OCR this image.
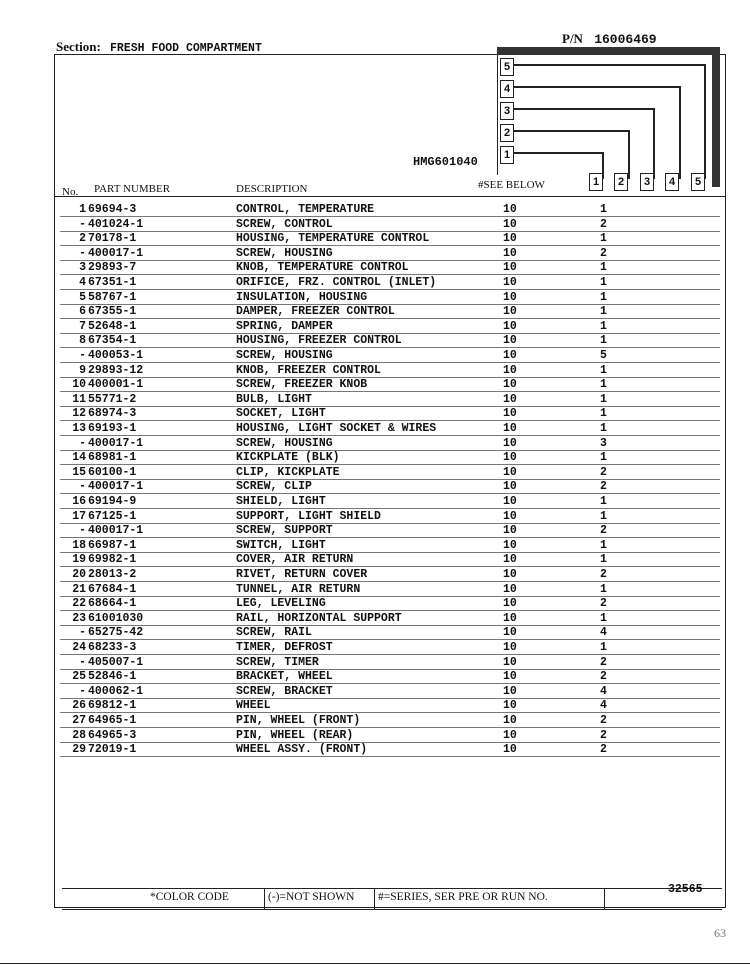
Section: FRESH FOOD COMPARTMENT
P/N 16006469
5
4
3
2
1
1	2	3	4	5
HMG601040
No. PART NUMBER	DESCRIPTION	#SEE BELOW
1 69694-3	CONTROL, TEMPERATURE	10	1
- 401024-1	SCREW, CONTROL	10	2
2 70178-1	HOUSING, TEMPERATURE CONTROL	10	1
- 400017-1	SCREW, HOUSING	10	2
3 29893-7	KNOB, TEMPERATURE CONTROL	10	1
4 67351-1	ORIFICE, FRZ. CONTROL (INLET)	10	1
5 58767-1	INSULATION, HOUSING	10	1
6 67355-1	DAMPER, FREEZER CONTROL	10	1
7 52648-1	SPRING, DAMPER	10	1
8 67354-1	HOUSING, FREEZER CONTROL	10	1
- 400053-1	SCREW, HOUSING	10	5
9 29893-12	KNOB, FREEZER CONTROL	10	1
10 400001-1	SCREW, FREEZER KNOB	10	1
11 55771-2	BULB, LIGHT	10	1
12 68974-3	SOCKET, LIGHT	10	1
13 69193-1	HOUSING, LIGHT SOCKET & WIRES	10	1
- 400017-1	SCREW, HOUSING	10	3
14 68981-1	KICKPLATE (BLK)	10	1
15 60100-1	CLIP, KICKPLATE	10	2
- 400017-1	SCREW, CLIP	10	2
16 69194-9	SHIELD, LIGHT	10	1
17 67125-1	SUPPORT, LIGHT SHIELD	10	1
- 400017-1	SCREW, SUPPORT	10	2
18 66987-1	SWITCH, LIGHT	10	1
19 69982-1	COVER, AIR RETURN	10	1
20 28013-2	RIVET, RETURN COVER	10	2
21 67684-1	TUNNEL, AIR RETURN	10	1
22 68664-1	LEG, LEVELING	10	2
23 61001030	RAIL, HORIZONTAL SUPPORT	10	1
- 65275-42	SCREW, RAIL	10	4
24 68233-3	TIMER, DEFROST	10	1
- 405007-1	SCREW, TIMER	10	2
25 52846-1	BRACKET, WHEEL	10	2
- 400062-1	SCREW, BRACKET	10	4
26 69812-1	WHEEL	10	4
27 64965-1	PIN, WHEEL (FRONT)	10	2
28 64965-3	PIN, WHEEL (REAR)	10	2
29 72019-1	WHEEL ASSY. (FRONT)	10	2
*COLOR CODE	(-)=NOT SHOWN #=SERIES, SER PRE OR RUN NO.
32565
63
